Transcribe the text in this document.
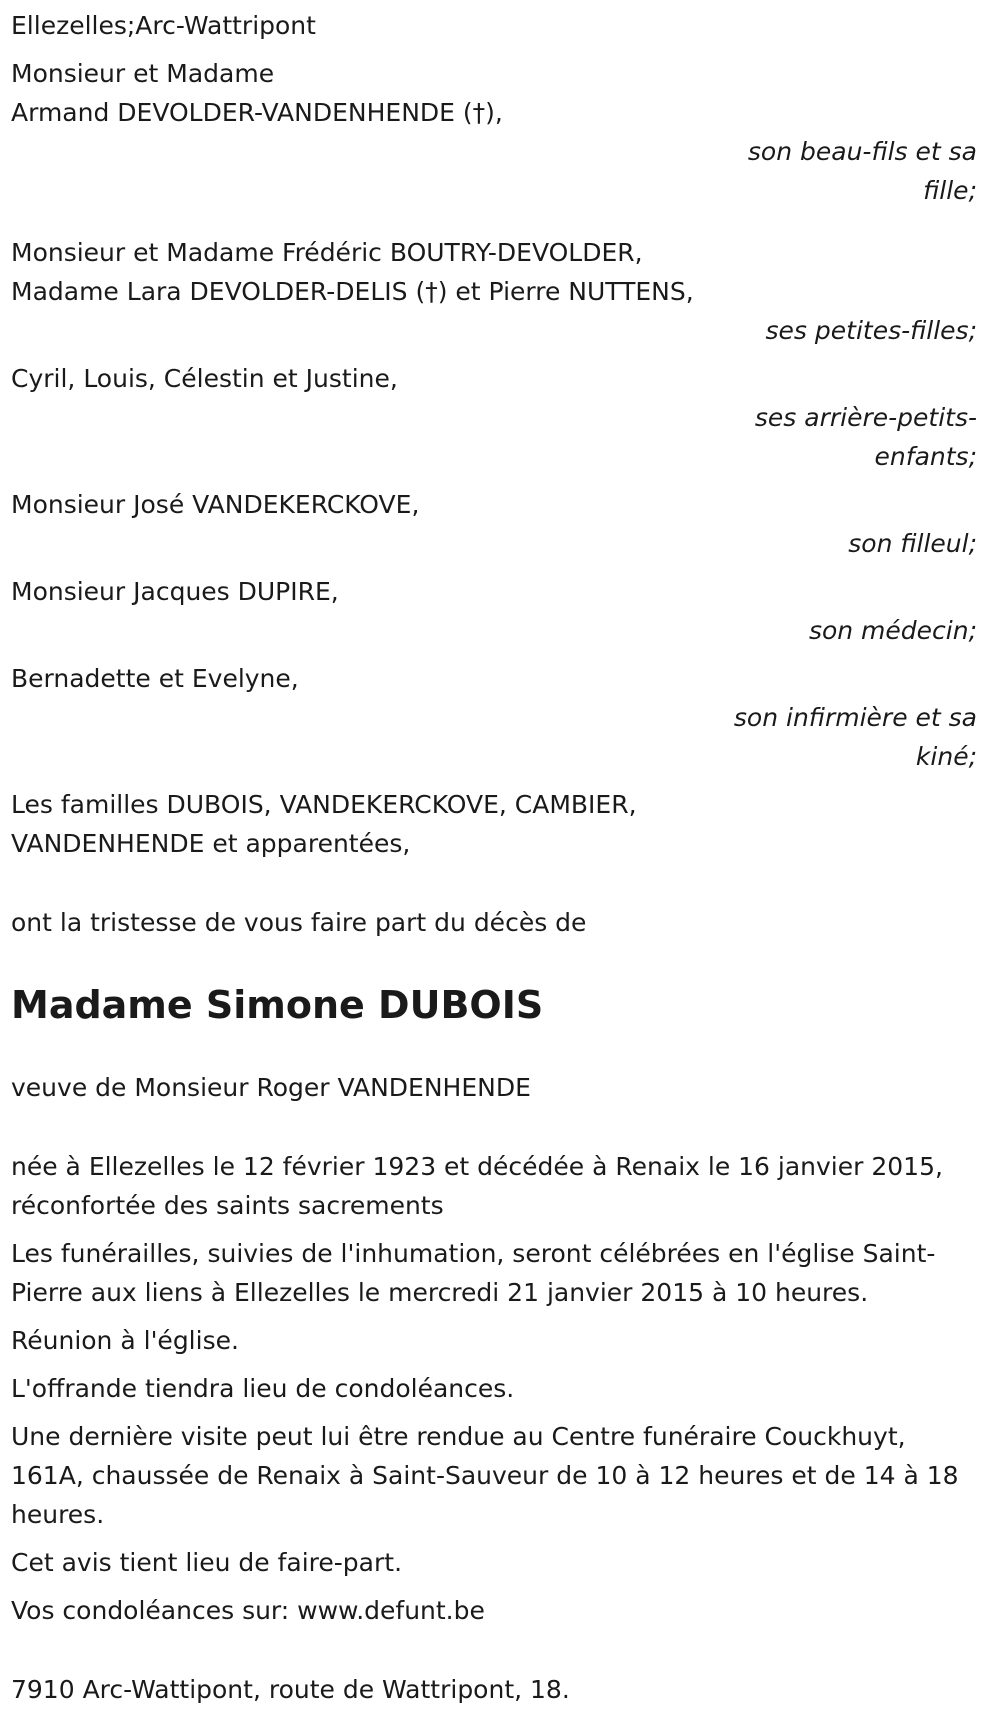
Ellezelles;Arc-Wattripont
Monsieur et Madame
Armand DEVOLDER-VANDENHENDE (†),
son beau-fils et sa fille;
Monsieur et Madame Frédéric BOUTRY-DEVOLDER,
Madame Lara DEVOLDER-DELIS (†) et Pierre NUTTENS,
ses petites-filles;
Cyril, Louis, Célestin et Justine,
ses arrière-petits-enfants;
Monsieur José VANDEKERCKOVE,
son filleul;
Monsieur Jacques DUPIRE,
son médecin;
Bernadette et Evelyne,
son infirmière et sa kiné;
Les familles DUBOIS, VANDEKERCKOVE, CAMBIER,
VANDENHENDE et apparentées,
ont la tristesse de vous faire part du décès de
Madame Simone DUBOIS
veuve de Monsieur Roger VANDENHENDE
née à Ellezelles le 12 février 1923 et décédée à Renaix le 16 janvier 2015,
réconfortée des saints sacrements
Les funérailles, suivies de l'inhumation, seront célébrées en l'église Saint-Pierre aux liens à Ellezelles le mercredi 21 janvier 2015 à 10 heures.
Réunion à l'église.
L'offrande tiendra lieu de condoléances.
Une dernière visite peut lui être rendue au Centre funéraire Couckhuyt, 161A, chaussée de Renaix à Saint-Sauveur de 10 à 12 heures et de 14 à 18 heures.
Cet avis tient lieu de faire-part.
Vos condoléances sur: www.defunt.be
7910 Arc-Wattipont, route de Wattripont, 18.
